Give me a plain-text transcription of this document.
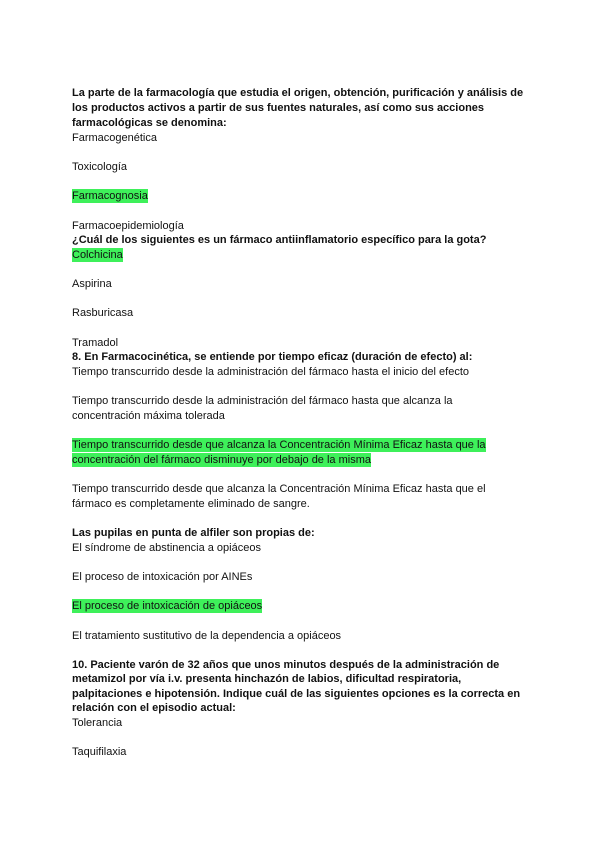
La parte de la farmacología que estudia el origen, obtención, purificación y análisis de
los productos activos a partir de sus fuentes naturales, así como sus acciones
farmacológicas se denomina:
Farmacogenética
Toxicología
Farmacognosia
Farmacoepidemiología
¿Cuál de los siguientes es un fármaco antiinflamatorio específico para la gota?
Colchicina
Aspirina
Rasburicasa
Tramadol
8. En Farmacocinética, se entiende por tiempo eficaz (duración de efecto) al:
Tiempo transcurrido desde la administración del fármaco hasta el inicio del efecto
Tiempo transcurrido desde la administración del fármaco hasta que alcanza la
concentración máxima tolerada
Tiempo transcurrido desde que alcanza la Concentración Mínima Eficaz hasta que la
concentración del fármaco disminuye por debajo de la misma
Tiempo transcurrido desde que alcanza la Concentración Mínima Eficaz hasta que el
fármaco es completamente eliminado de sangre.
Las pupilas en punta de alfiler son propias de:
El síndrome de abstinencia a opiáceos
El proceso de intoxicación por AINEs
El proceso de intoxicación de opiáceos
El tratamiento sustitutivo de la dependencia a opiáceos
10. Paciente varón de 32 años que unos minutos después de la administración de
metamizol por vía i.v. presenta hinchazón de labios, dificultad respiratoria,
palpitaciones e hipotensión. Indique cuál de las siguientes opciones es la correcta en
relación con el episodio actual:
Tolerancia
Taquifilaxia
